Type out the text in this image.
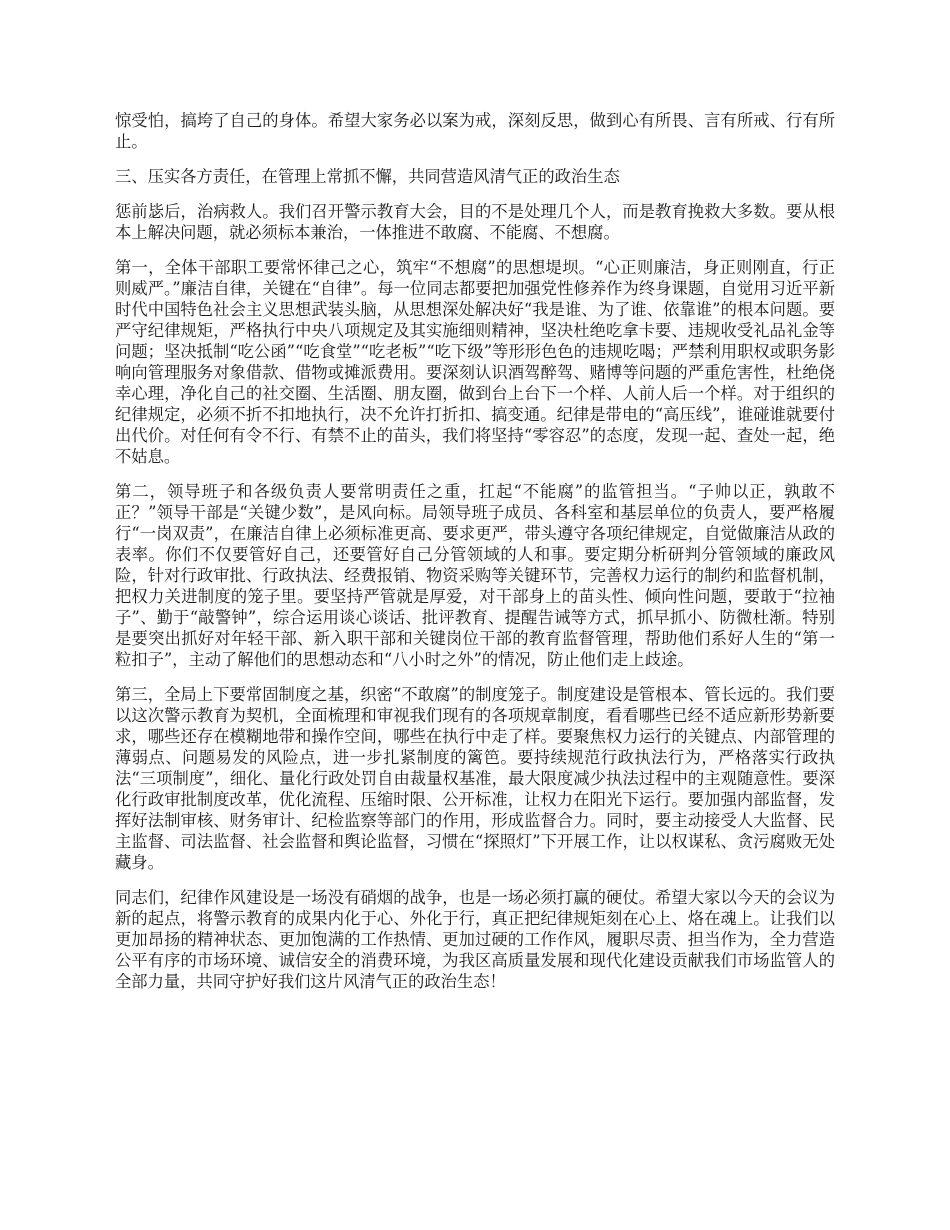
惊受怕，搞垮了自己的身体。希望大家务必以案为戒，深刻反思，做到心有所畏、言有所戒、行有所止。

三、压实各方责任，在管理上常抓不懈，共同营造风清气正的政治生态

惩前毖后，治病救人。我们召开警示教育大会，目的不是处理几个人，而是教育挽救大多数。要从根本上解决问题，就必须标本兼治，一体推进不敢腐、不能腐、不想腐。

第一，全体干部职工要常怀律己之心，筑牢“不想腐”的思想堤坝。“心正则廉洁，身正则刚直，行正则威严。”廉洁自律，关键在“自律”。每一位同志都要把加强党性修养作为终身课题，自觉用习近平新时代中国特色社会主义思想武装头脑，从思想深处解决好“我是谁、为了谁、依靠谁”的根本问题。要严守纪律规矩，严格执行中央八项规定及其实施细则精神，坚决杜绝吃拿卡要、违规收受礼品礼金等问题；坚决抵制“吃公函”“吃食堂”“吃老板”“吃下级”等形形色色的违规吃喝；严禁利用职权或职务影响向管理服务对象借款、借物或摊派费用。要深刻认识酒驾醉驾、赌博等问题的严重危害性，杜绝侥幸心理，净化自己的社交圈、生活圈、朋友圈，做到台上台下一个样、人前人后一个样。对于组织的纪律规定，必须不折不扣地执行，决不允许打折扣、搞变通。纪律是带电的“高压线”，谁碰谁就要付出代价。对任何有令不行、有禁不止的苗头，我们将坚持“零容忍”的态度，发现一起、查处一起，绝不姑息。

第二，领导班子和各级负责人要常明责任之重，扛起“不能腐”的监管担当。“子帅以正，孰敢不正？”领导干部是“关键少数”，是风向标。局领导班子成员、各科室和基层单位的负责人，要严格履行“一岗双责”，在廉洁自律上必须标准更高、要求更严，带头遵守各项纪律规定，自觉做廉洁从政的表率。你们不仅要管好自己，还要管好自己分管领域的人和事。要定期分析研判分管领域的廉政风险，针对行政审批、行政执法、经费报销、物资采购等关键环节，完善权力运行的制约和监督机制，把权力关进制度的笼子里。要坚持严管就是厚爱，对干部身上的苗头性、倾向性问题，要敢于“拉袖子”、勤于“敲警钟”，综合运用谈心谈话、批评教育、提醒告诫等方式，抓早抓小、防微杜渐。特别是要突出抓好对年轻干部、新入职干部和关键岗位干部的教育监督管理，帮助他们系好人生的“第一粒扣子”，主动了解他们的思想动态和“八小时之外”的情况，防止他们走上歧途。

第三，全局上下要常固制度之基，织密“不敢腐”的制度笼子。制度建设是管根本、管长远的。我们要以这次警示教育为契机，全面梳理和审视我们现有的各项规章制度，看看哪些已经不适应新形势新要求，哪些还存在模糊地带和操作空间，哪些在执行中走了样。要聚焦权力运行的关键点、内部管理的薄弱点、问题易发的风险点，进一步扎紧制度的篱笆。要持续规范行政执法行为，严格落实行政执法“三项制度”，细化、量化行政处罚自由裁量权基准，最大限度减少执法过程中的主观随意性。要深化行政审批制度改革，优化流程、压缩时限、公开标准，让权力在阳光下运行。要加强内部监督，发挥好法制审核、财务审计、纪检监察等部门的作用，形成监督合力。同时，要主动接受人大监督、民主监督、司法监督、社会监督和舆论监督，习惯在“探照灯”下开展工作，让以权谋私、贪污腐败无处藏身。

同志们，纪律作风建设是一场没有硝烟的战争，也是一场必须打赢的硬仗。希望大家以今天的会议为新的起点，将警示教育的成果内化于心、外化于行，真正把纪律规矩刻在心上、烙在魂上。让我们以更加昂扬的精神状态、更加饱满的工作热情、更加过硬的工作作风，履职尽责、担当作为，全力营造公平有序的市场环境、诚信安全的消费环境，为我区高质量发展和现代化建设贡献我们市场监管人的全部力量，共同守护好我们这片风清气正的政治生态！
